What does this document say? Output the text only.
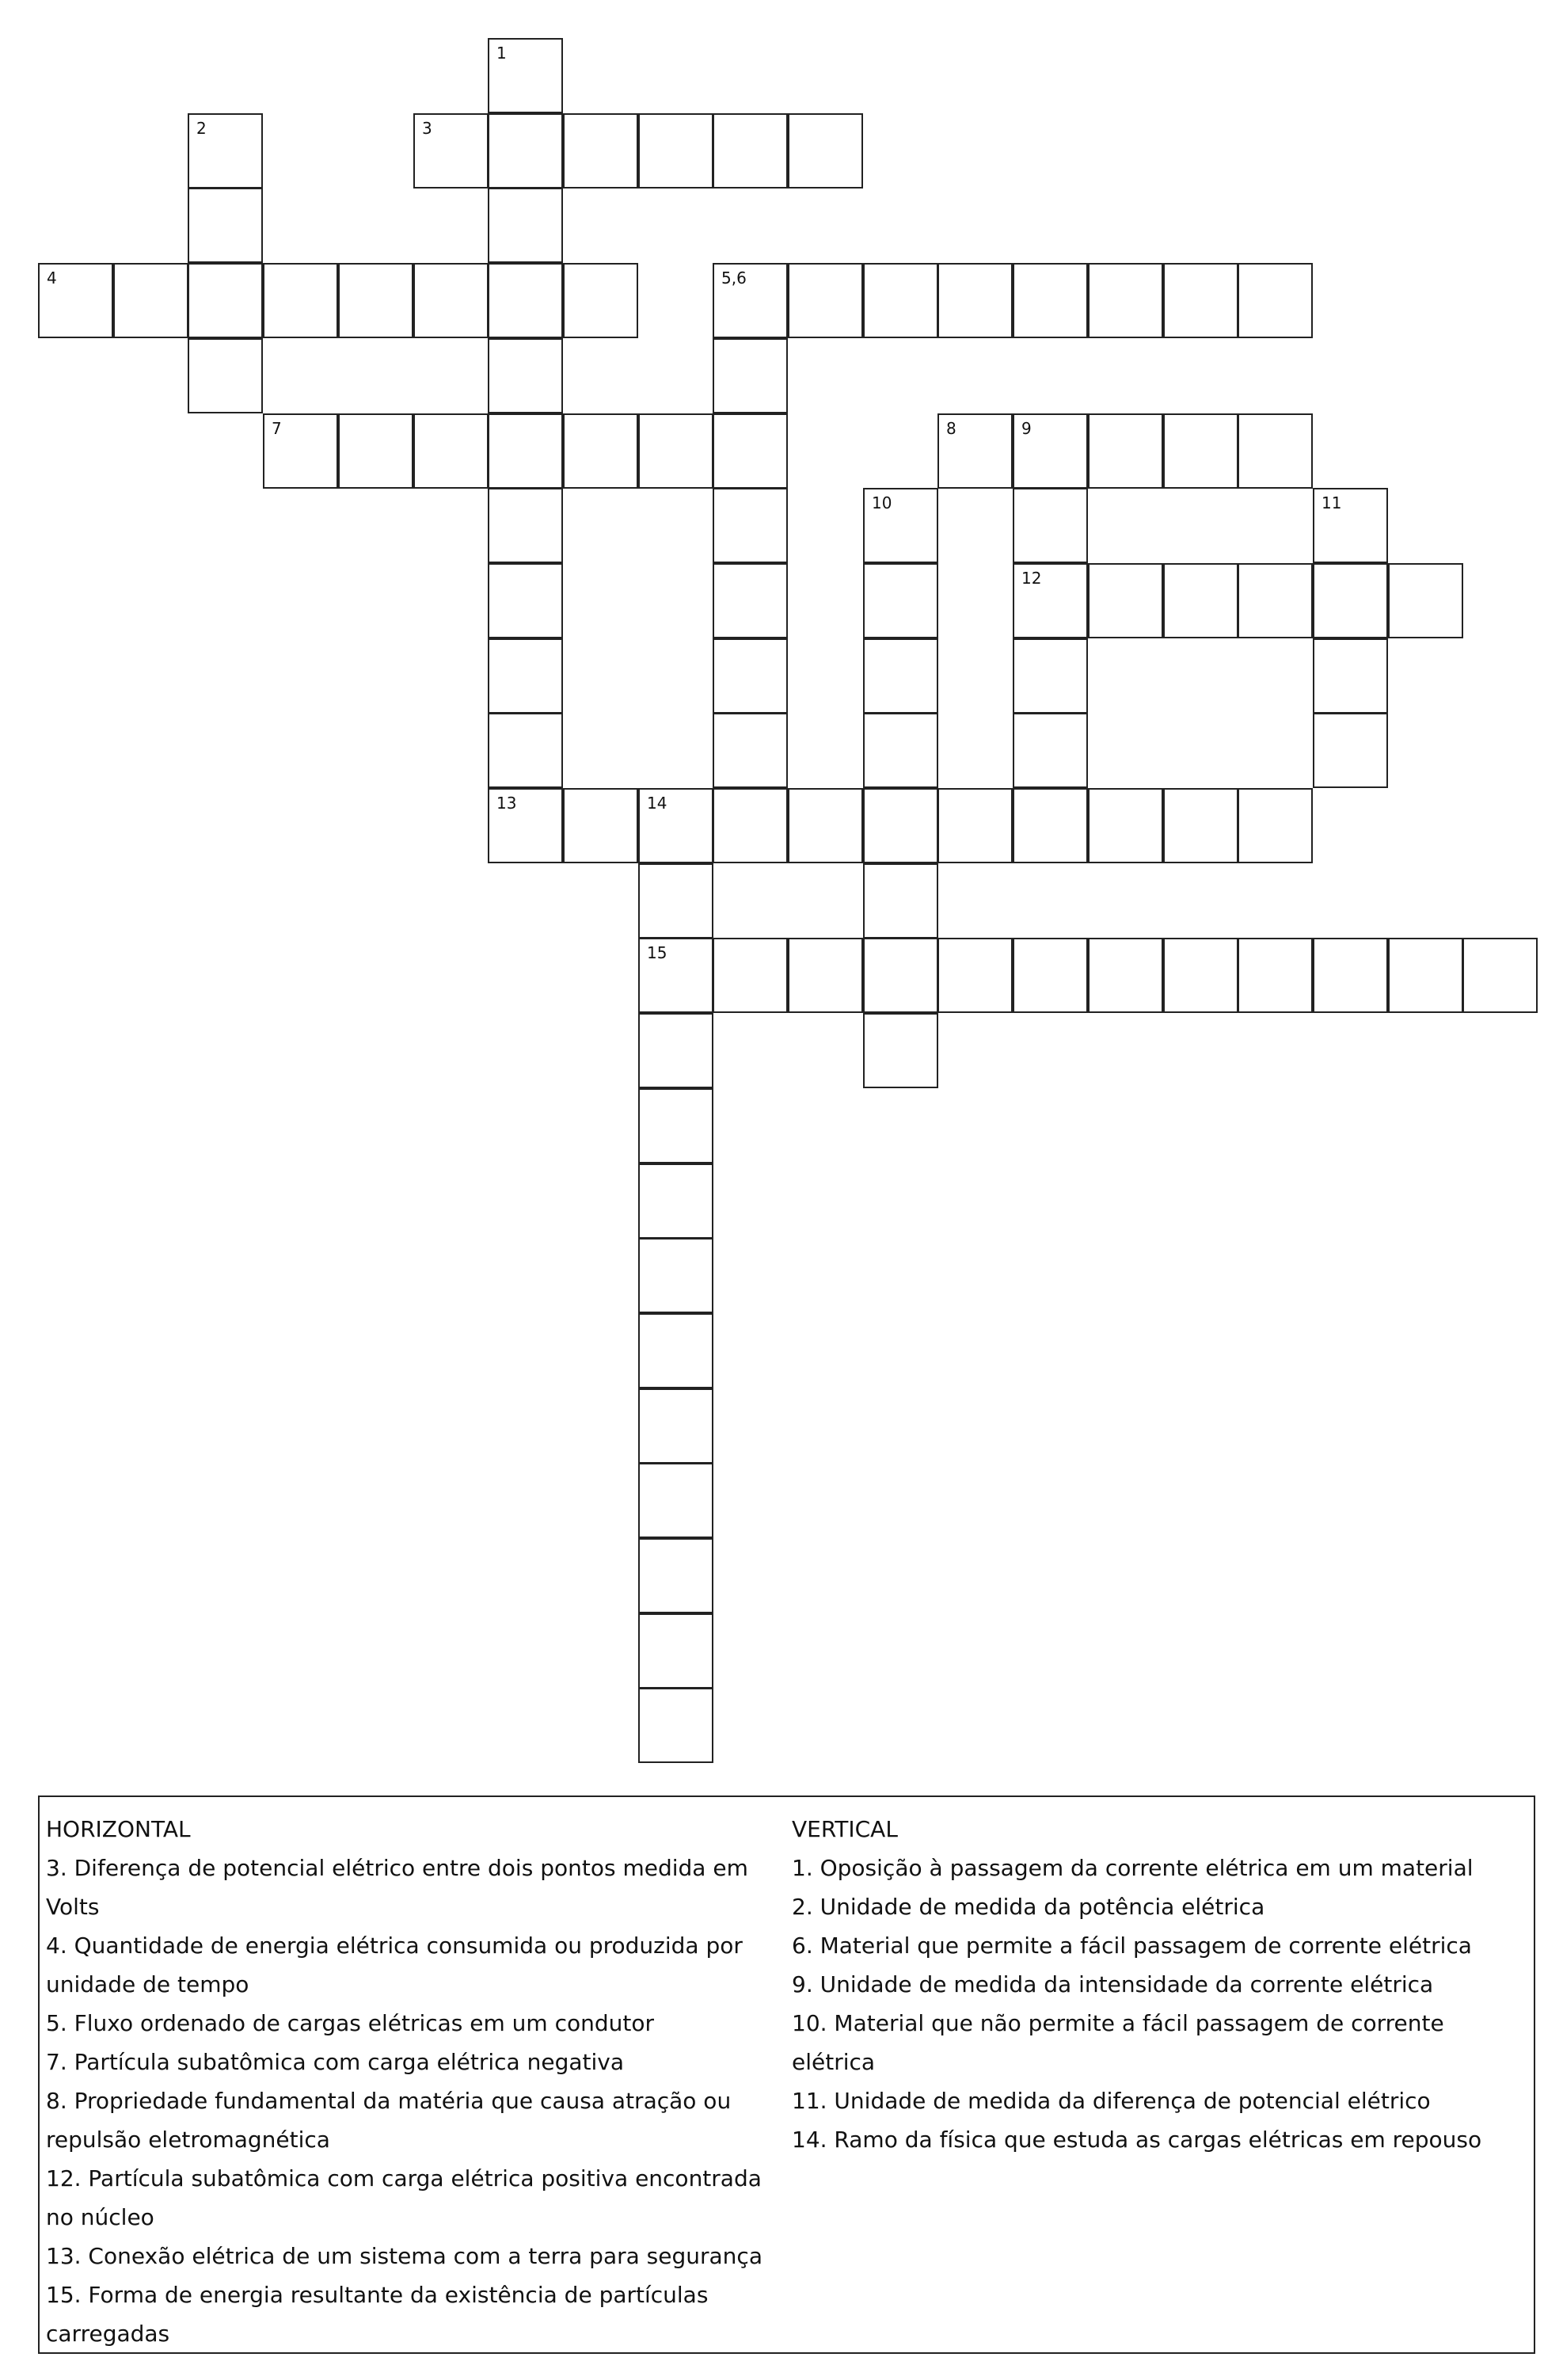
1
2	3
4	5,6
7	8	9
10	11
12
13	14
15
HORIZONTAL
3. Diferença de potencial elétrico entre dois pontos medida em Volts
4. Quantidade de energia elétrica consumida ou produzida por unidade de tempo
5. Fluxo ordenado de cargas elétricas em um condutor
7. Partícula subatômica com carga elétrica negativa
8. Propriedade fundamental da matéria que causa atração ou repulsão eletromagnética
12. Partícula subatômica com carga elétrica positiva encontrada no núcleo
13. Conexão elétrica de um sistema com a terra para segurança
15. Forma de energia resultante da existência de partículas carregadas
VERTICAL
1. Oposição à passagem da corrente elétrica em um material
2. Unidade de medida da potência elétrica
6. Material que permite a fácil passagem de corrente elétrica
9. Unidade de medida da intensidade da corrente elétrica
10. Material que não permite a fácil passagem de corrente elétrica
11. Unidade de medida da diferença de potencial elétrico
14. Ramo da física que estuda as cargas elétricas em repouso
